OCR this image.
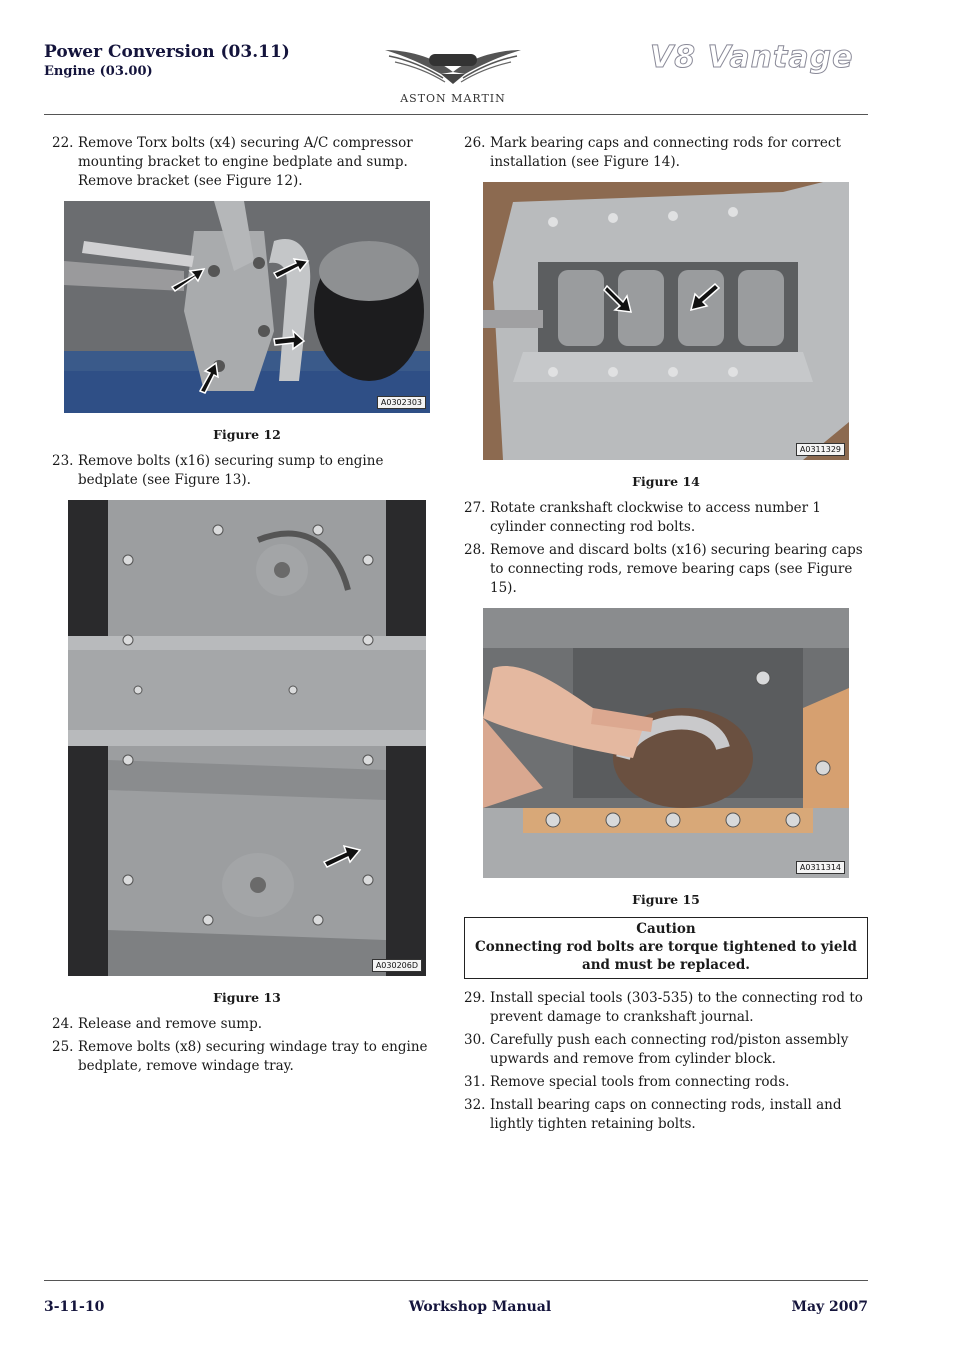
Power Conversion (03.11)
Engine (03.00)
ASTON MARTIN
V8 Vantage
22. Remove Torx bolts (x4) securing A/C compressor mounting bracket to engine bedplate and sump. Remove bracket (see Figure 12).
A0302303
Figure 12
23. Remove bolts (x16) securing sump to engine bedplate (see Figure 13).
A030206D
Figure 13
24. Release and remove sump.
25. Remove bolts (x8) securing windage tray to engine bedplate, remove windage tray.
26. Mark bearing caps and connecting rods for correct installation (see Figure 14).
A0311329
Figure 14
27. Rotate crankshaft clockwise to access number 1 cylinder connecting rod bolts.
28. Remove and discard bolts (x16) securing bearing caps to connecting rods, remove bearing caps (see Figure 15).
A0311314
Figure 15
Caution
Connecting rod bolts are torque tightened to yield and must be replaced.
29. Install special tools (303-535) to the connecting rod to prevent damage to crankshaft journal.
30. Carefully push each connecting rod/piston assembly upwards and remove from cylinder block.
31. Remove special tools from connecting rods.
32. Install bearing caps on connecting rods, install and lightly tighten retaining bolts.
3-11-10	Workshop Manual	May 2007
